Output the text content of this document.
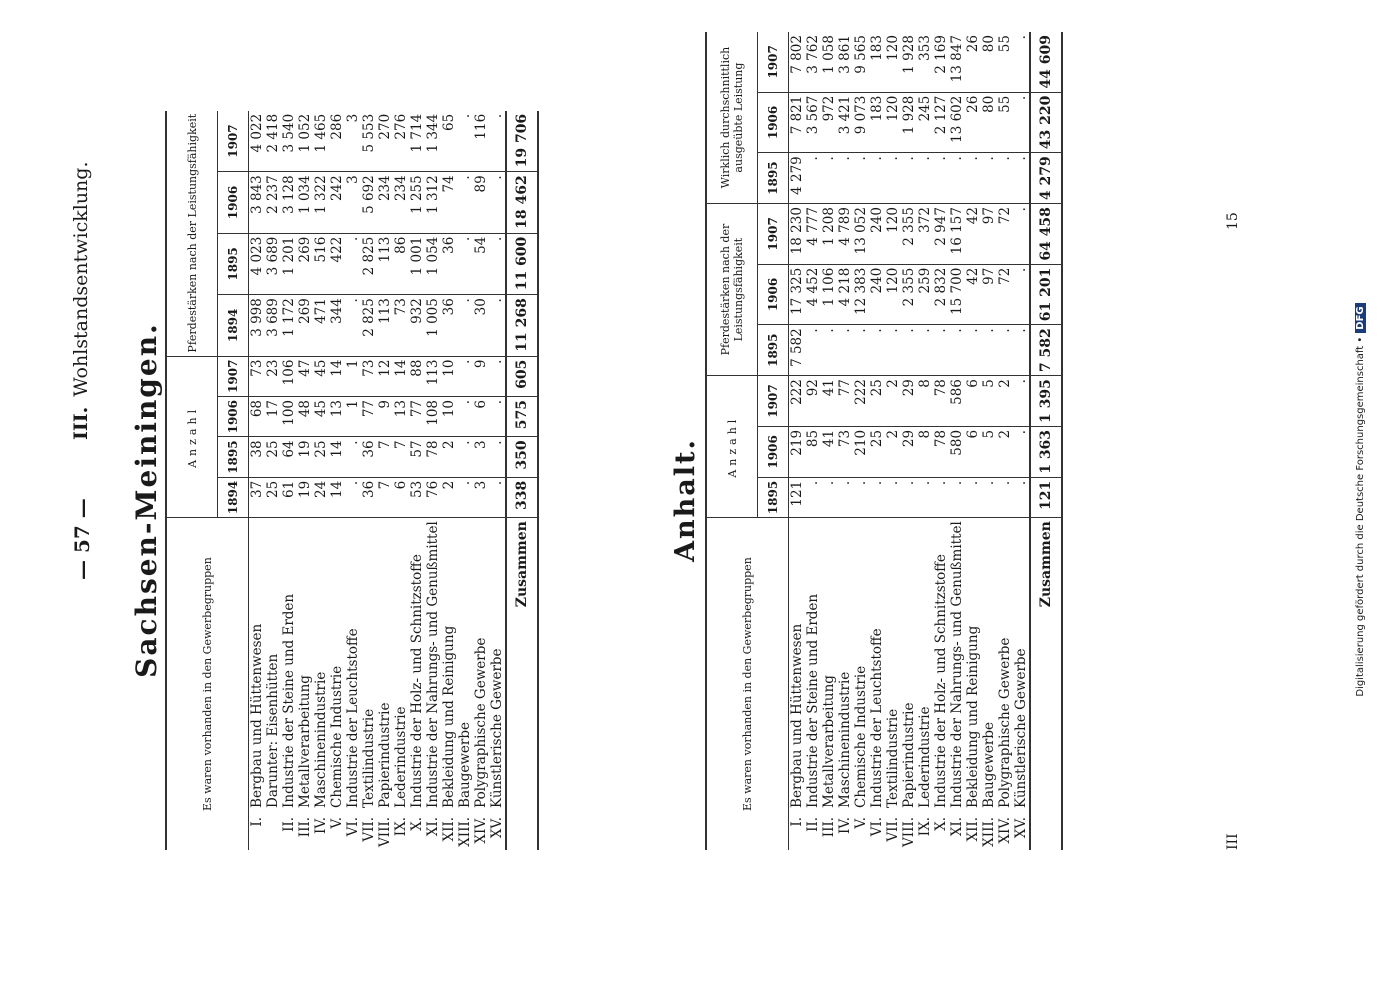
— 57 —
III.Wohlstandsentwicklung.
Sachsen-Meiningen.
Es waren vorhanden in den Gewerbegruppen		Anzahl				Pferdestärken nach der Leistungsfähigkeit			
		1894	1895	1906	1907	1894	1895	1906	1907
I.	Bergbau und Hüttenwesen	37	38	68	73	3 998	4 023	3 843	4 022
	Darunter: Eisenhütten	25	25	17	23	3 689	3 689	2 237	2 418
II.	Industrie der Steine und Erden	61	64	100	106	1 172	1 201	3 128	3 540
III.	Metallverarbeitung	19	19	48	47	269	269	1 034	1 052
IV.	Maschinenindustrie	24	25	45	45	471	516	1 322	1 465
V.	Chemische Industrie	14	14	13	14	344	422	242	286
VI.	Industrie der Leuchtstoffe	.	.	1	1	.	.	3	3
VII.	Textilindustrie	36	36	77	73	2 825	2 825	5 692	5 553
VIII.	Papierindustrie	7	7	9	12	113	113	234	270
IX.	Lederindustrie	6	7	13	14	73	86	234	276
X.	Industrie der Holz- und Schnitzstoffe	53	57	77	88	932	1 001	1 255	1 714
XI.	Industrie der Nahrungs- und Genußmittel	76	78	108	113	1 005	1 054	1 312	1 344
XII.	Bekleidung und Reinigung	2	2	10	10	36	36	74	65
XIII.	Baugewerbe	.	.	.	.	.	.	.	.
XIV.	Polygraphische Gewerbe	3	3	6	9	30	54	89	116
XV.	Künstlerische Gewerbe	.	.	.	.	.	.	.	.
Zusammen		338	350	575	605	11 268	11 600	18 462	19 706
Anhalt.
Es waren vorhanden in den Gewerbegruppen		Anzahl			Pferdestärken nach der Leistungsfähigkeit			Wirklich durchschnittlich ausgeübte Leistung		
		1895	1906	1907	1895	1906	1907	1895	1906	1907
I.	Bergbau und Hüttenwesen	121	219	222	7 582	17 325	18 230	4 279	7 821	7 802
II.	Industrie der Steine und Erden	.	85	92	.	4 452	4 777	.	3 567	3 762
III.	Metallverarbeitung	.	41	41	.	1 106	1 208	.	972	1 058
IV.	Maschinenindustrie	.	73	77	.	4 218	4 789	.	3 421	3 861
V.	Chemische Industrie	.	210	222	.	12 383	13 052	.	9 073	9 565
VI.	Industrie der Leuchtstoffe	.	25	25	.	240	240	.	183	183
VII.	Textilindustrie	.	2	2	.	120	120	.	120	120
VIII.	Papierindustrie	.	29	29	.	2 355	2 355	.	1 928	1 928
IX.	Lederindustrie	.	8	8	.	259	372	.	245	353
X.	Industrie der Holz- und Schnitzstoffe	.	78	78	.	2 832	2 947	.	2 127	2 169
XI.	Industrie der Nahrungs- und Genußmittel	.	580	586	.	15 700	16 157	.	13 602	13 847
XII.	Bekleidung und Reinigung	.	6	6	.	42	42	.	26	26
XIII.	Baugewerbe	.	5	5	.	97	97	.	80	80
XIV.	Polygraphische Gewerbe	.	2	2	.	72	72	.	55	55
XV.	Künstlerische Gewerbe	.	.	.	.	.	.	.	.	.
Zusammen		121	1 363	1 395	7 582	61 201	64 458	4 279	43 220	44 609
III
15
Digitalisierung gefördert durch die Deutsche Forschungsgemeinschaft •DFG
